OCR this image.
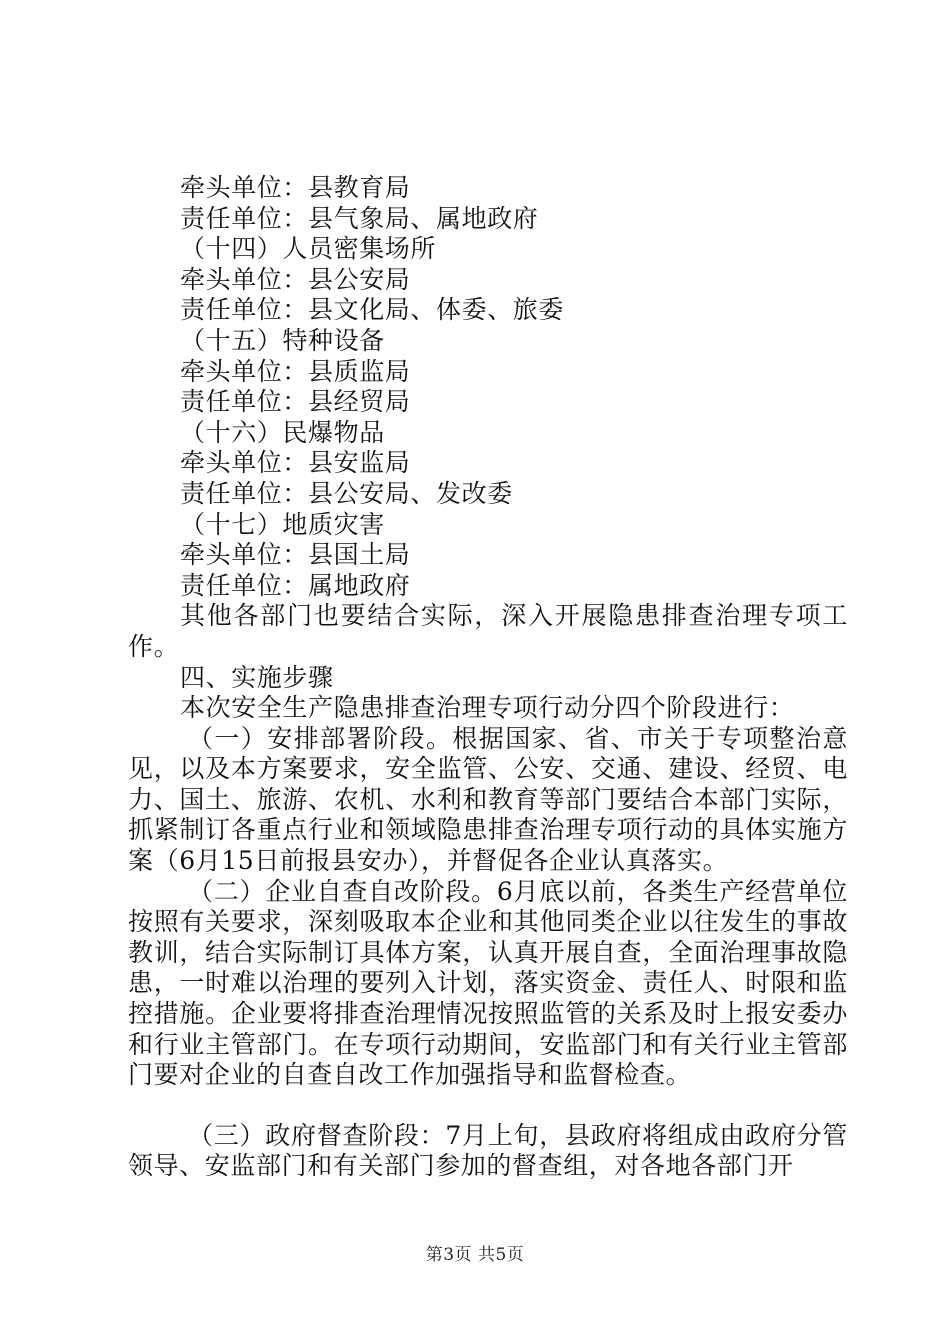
牵头单位：县教育局

责任单位：县气象局、属地政府

（十四）人员密集场所

牵头单位：县公安局

责任单位：县文化局、体委、旅委

（十五）特种设备

牵头单位：县质监局

责任单位：县经贸局

（十六）民爆物品

牵头单位：县安监局

责任单位：县公安局、发改委

（十七）地质灾害

牵头单位：县国土局

责任单位：属地政府

其他各部门也要结合实际，深入开展隐患排查治理专项工作。

四、实施步骤

本次安全生产隐患排查治理专项行动分四个阶段进行：

（一）安排部署阶段。根据国家、省、市关于专项整治意见，以及本方案要求，安全监管、公安、交通、建设、经贸、电力、国土、旅游、农机、水利和教育等部门要结合本部门实际，抓紧制订各重点行业和领域隐患排查治理专项行动的具体实施方案（6月15日前报县安办），并督促各企业认真落实。

（二）企业自查自改阶段。6月底以前，各类生产经营单位按照有关要求，深刻吸取本企业和其他同类企业以往发生的事故教训，结合实际制订具体方案，认真开展自查，全面治理事故隐患，一时难以治理的要列入计划，落实资金、责任人、时限和监控措施。企业要将排查治理情况按照监管的关系及时上报安委办和行业主管部门。在专项行动期间，安监部门和有关行业主管部门要对企业的自查自改工作加强指导和监督检查。

（三）政府督查阶段：7月上旬，县政府将组成由政府分管领导、安监部门和有关部门参加的督查组，对各地各部门开

第3页 共5页
